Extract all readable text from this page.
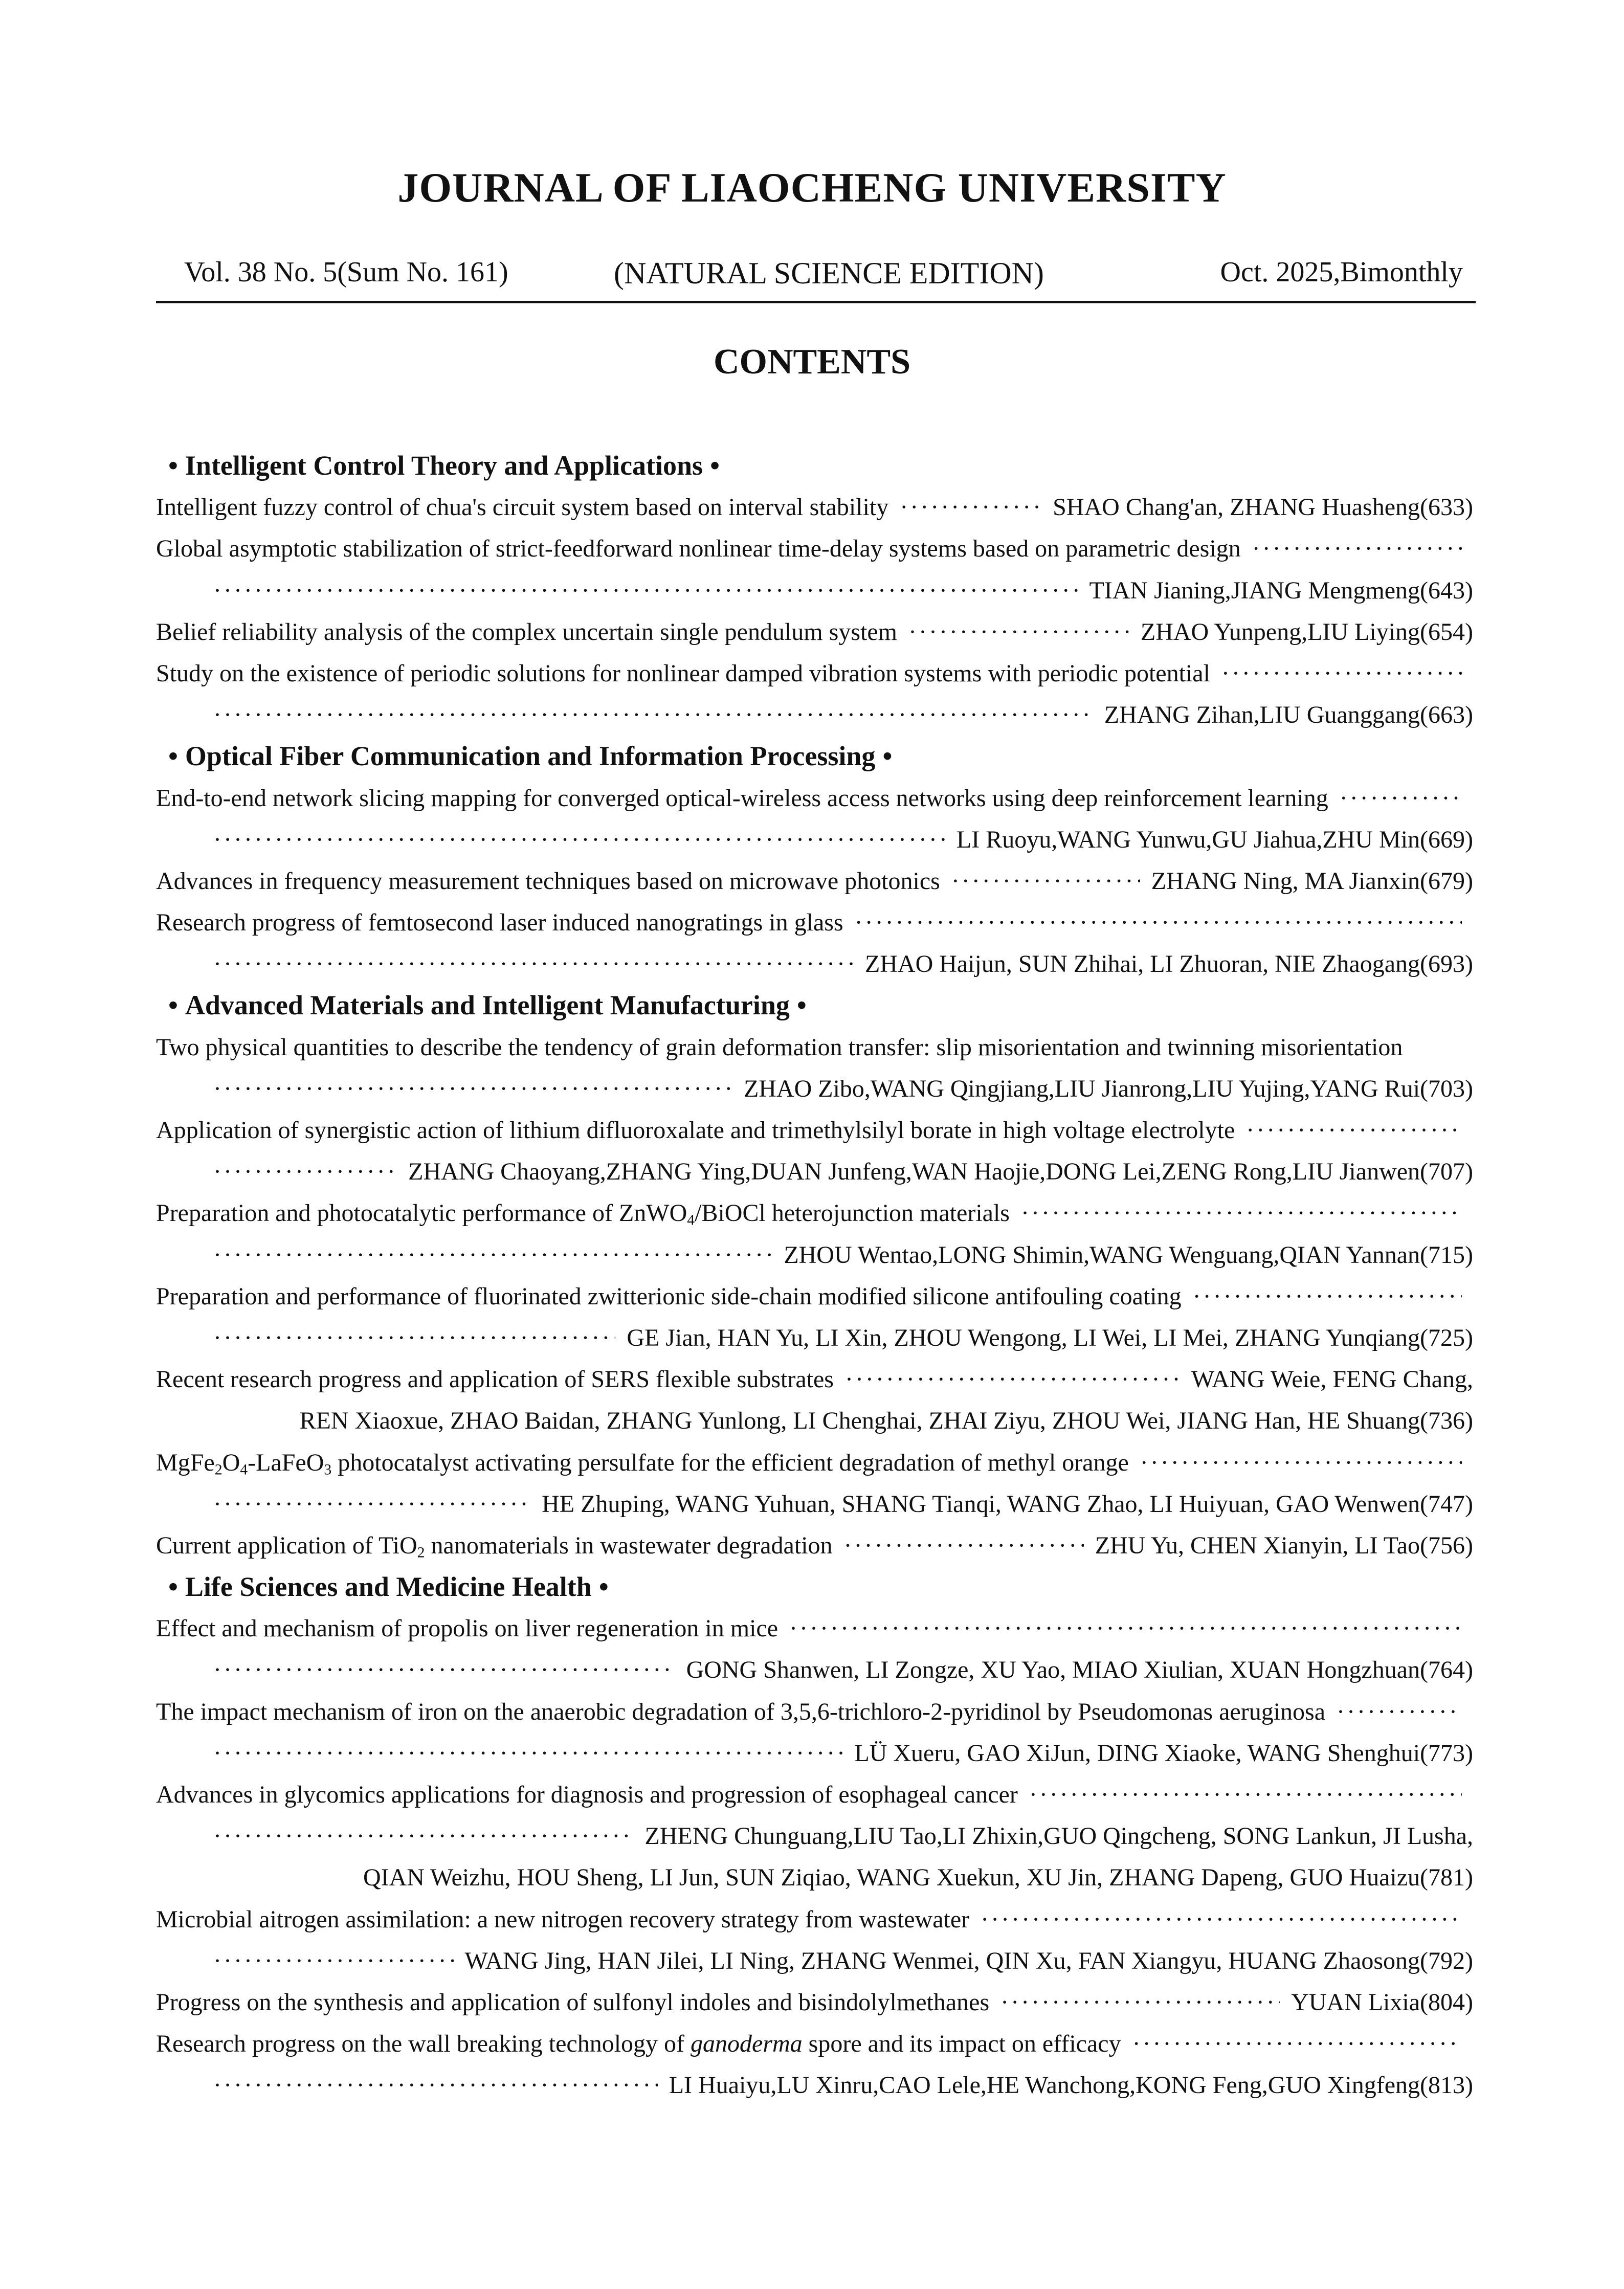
JOURNAL OF LIAOCHENG UNIVERSITY
Vol. 38 No. 5(Sum No. 161)	(NATURAL SCIENCE EDITION)	Oct. 2025,Bimonthly
CONTENTS
• Intelligent Control Theory and Applications •
Intelligent fuzzy control of chua's circuit system based on interval stability ·····	SHAO Chang'an, ZHANG Huasheng(633)
Global asymptotic stabilization of strict-feedforward nonlinear time-delay systems based on parametric design
·····
·····
TIAN Jianing,JIANG Mengmeng(643)
Belief reliability analysis of the complex uncertain single pendulum system ·····	ZHAO Yunpeng,LIU Liying(654)
Study on the existence of periodic solutions for nonlinear damped vibration systems with periodic potential
·····
·····
ZHANG Zihan,LIU Guanggang(663)
• Optical Fiber Communication and Information Processing •
End-to-end network slicing mapping for converged optical-wireless access networks using deep reinforcement learning
·····
·····
LI Ruoyu,WANG Yunwu,GU Jiahua,ZHU Min(669)
Advances in frequency measurement techniques based on microwave photonics ·····	ZHANG Ning, MA Jianxin(679)
Research progress of femtosecond laser induced nanogratings in glass
·····
·····
ZHAO Haijun, SUN Zhihai, LI Zhuoran, NIE Zhaogang(693)
• Advanced Materials and Intelligent Manufacturing •
Two physical quantities to describe the tendency of grain deformation transfer: slip misorientation and twinning misorientation
·····
ZHAO Zibo,WANG Qingjiang,LIU Jianrong,LIU Yujing,YANG Rui(703)
Application of synergistic action of lithium difluoroxalate and trimethylsilyl borate in high voltage electrolyte
·····
·····
ZHANG Chaoyang,ZHANG Ying,DUAN Junfeng,WAN Haojie,DONG Lei,ZENG Rong,LIU Jianwen(707)
Preparation and photocatalytic performance of ZnWO$_4$/BiOCl heterojunction materials
·····
·····
ZHOU Wentao,LONG Shimin,WANG Wenguang,QIAN Yannan(715)
Preparation and performance of fluorinated zwitterionic side-chain modified silicone antifouling coating
·····
·····
GE Jian, HAN Yu, LI Xin, ZHOU Wengong, LI Wei, LI Mei, ZHANG Yunqiang(725)
Recent research progress and application of SERS flexible substrates ·····	WANG Weie, FENG Chang,
REN Xiaoxue, ZHAO Baidan, ZHANG Yunlong, LI Chenghai, ZHAI Ziyu, ZHOU Wei, JIANG Han, HE Shuang(736)
$MgFe_2O_4-LaFeO_3$ photocatalyst activating persulfate for the efficient degradation of methyl orange
·····
·····
HE Zhuping, WANG Yuhuan, SHANG Tianqi, WANG Zhao, LI Huiyuan, GAO Wenwen(747)
Current application of TiO$_2$ nanomaterials in wastewater degradation ·····	ZHU Yu, CHEN Xianyin, LI Tao(756)
• Life Sciences and Medicine Health •
Effect and mechanism of propolis on liver regeneration in mice
·····
·····
GONG Shanwen, LI Zongze, XU Yao, MIAO Xiulian, XUAN Hongzhuan(764)
The impact mechanism of iron on the anaerobic degradation of 3,5,6-trichloro-2-pyridinol by Pseudomonas aeruginosa
·····
·····
LÜ Xueru, GAO XiJun, DING Xiaoke, WANG Shenghui(773)
Advances in glycomics applications for diagnosis and progression of esophageal cancer
·····
·····
ZHENG Chunguang,LIU Tao,LI Zhixin,GUO Qingcheng, SONG Lankun, JI Lusha,
QIAN Weizhu, HOU Sheng, LI Jun, SUN Ziqiao, WANG Xuekun, XU Jin, ZHANG Dapeng, GUO Huaizu(781)
Microbial aitrogen assimilation: a new nitrogen recovery strategy from wastewater
·····
·····
WANG Jing, HAN Jilei, LI Ning, ZHANG Wenmei, QIN Xu, FAN Xiangyu, HUANG Zhaosong(792)
Progress on the synthesis and application of sulfonyl indoles and bisindolylmethanes ·····	YUAN Lixia(804)
Research progress on the wall breaking technology of ganoderma spore and its impact on efficacy
·····
·····
LI Huaiyu,LU Xinru,CAO Lele,HE Wanchong,KONG Feng,GUO Xingfeng(813)
